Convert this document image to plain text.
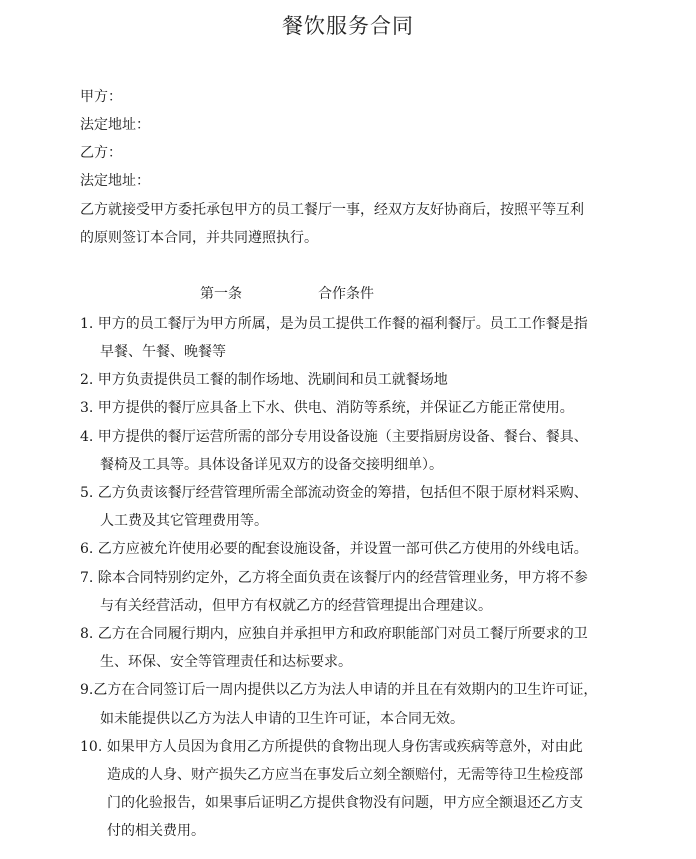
餐饮服务合同
甲方：
法定地址：
乙方：
法定地址：
乙方就接受甲方委托承包甲方的员工餐厅一事，经双方友好协商后，按照平等互利
的原则签订本合同，并共同遵照执行。
第一条	合作条件
1. 甲方的员工餐厅为甲方所属，是为员工提供工作餐的福利餐厅。员工工作餐是指
早餐、午餐、晚餐等
2. 甲方负责提供员工餐的制作场地、洗刷间和员工就餐场地
3. 甲方提供的餐厅应具备上下水、供电、消防等系统，并保证乙方能正常使用。
4. 甲方提供的餐厅运营所需的部分专用设备设施（主要指厨房设备、餐台、餐具、
餐椅及工具等。具体设备详见双方的设备交接明细单）。
5. 乙方负责该餐厅经营管理所需全部流动资金的筹措，包括但不限于原材料采购、
人工费及其它管理费用等。
6. 乙方应被允许使用必要的配套设施设备，并设置一部可供乙方使用的外线电话。
7. 除本合同特别约定外，乙方将全面负责在该餐厅内的经营管理业务，甲方将不参
与有关经营活动，但甲方有权就乙方的经营管理提出合理建议。
8. 乙方在合同履行期内，应独自并承担甲方和政府职能部门对员工餐厅所要求的卫
生、环保、安全等管理责任和达标要求。
9.乙方在合同签订后一周内提供以乙方为法人申请的并且在有效期内的卫生许可证，
如未能提供以乙方为法人申请的卫生许可证，本合同无效。
10. 如果甲方人员因为食用乙方所提供的食物出现人身伤害或疾病等意外，对由此
造成的人身、财产损失乙方应当在事发后立刻全额赔付，无需等待卫生检疫部
门的化验报告，如果事后证明乙方提供食物没有问题，甲方应全额退还乙方支
付的相关费用。
